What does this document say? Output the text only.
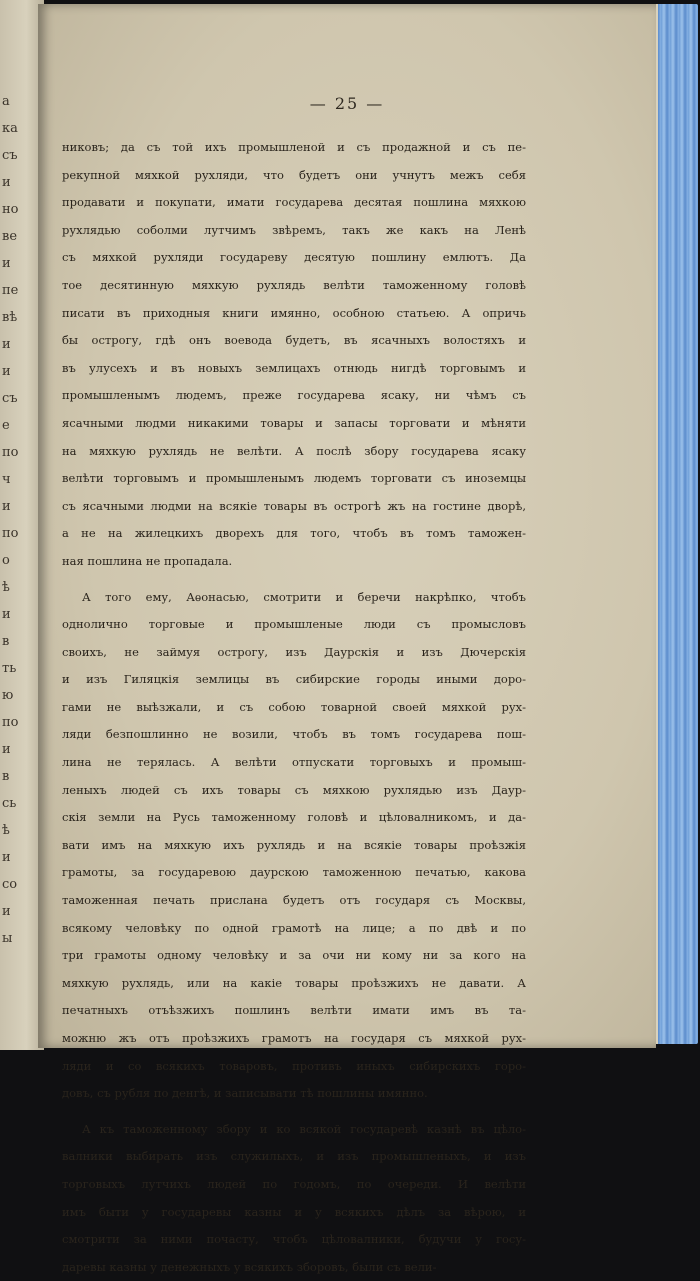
а
ка
съ
и
но
ве
и
пе
вѣ
и
и
съ
е
по
ч
и
по
о
ѣ
и
в
ть
ю
по
и
в
сь
ѣ
и
со
и
ы
— 25 —
никовъ; да съ той ихъ промышленой и съ продажной и съ пе-
рекупной мяхкой рухляди, что будетъ они учнутъ межъ себя
продавати и покупати, имати государева десятая пошлина мяхкою
рухлядью соболми лутчимъ звѣремъ, такъ же какъ на Ленѣ
съ мяхкой рухляди государеву десятую пошлину емлютъ. Да
тое десятинную мяхкую рухлядь велѣти таможенному головѣ
писати въ приходныя книги имянно, особною статьею. А опричь
бы острогу, гдѣ онъ воевода будетъ, въ ясачныхъ волостяхъ и
въ улусехъ и въ новыхъ землицахъ отнюдь нигдѣ торговымъ и
промышленымъ людемъ, преже государева ясаку, ни чѣмъ съ
ясачными людми никакими товары и запасы торговати и мѣняти
на мяхкую рухлядь не велѣти. А послѣ збору государева ясаку
велѣти торговымъ и промышленымъ людемъ торговати съ иноземцы
съ ясачными людми на всякіе товары въ острогѣ жъ на гостине дворѣ,
а не на жилецкихъ дворехъ для того, чтобъ въ томъ таможен-
ная пошлина не пропадала.
А того ему, Аѳонасью, смотрити и беречи накрѣпко, чтобъ
однолично торговые и промышленые люди съ промысловъ
своихъ, не займуя острогу, изъ Даурскія и изъ Дючерскія
и изъ Гиляцкія землицы въ сибирские городы иными доро-
гами не выѣзжали, и съ собою товарной своей мяхкой рух-
ляди безпошлинно не возили, чтобъ въ томъ государева пош-
лина не терялась. А велѣти отпускати торговыхъ и промыш-
леныхъ людей съ ихъ товары съ мяхкою рухлядью изъ Даур-
скія земли на Русь таможенному головѣ и цѣловалникомъ, и да-
вати имъ на мяхкую ихъ рухлядь и на всякіе товары проѣзжія
грамоты, за государевою даурскою таможенною печатью, какова
таможенная печать прислана будетъ отъ государя съ Москвы,
всякому человѣку по одной грамотѣ на лице; а по двѣ и по
три грамоты одному человѣку и за очи ни кому ни за кого на
мяхкую рухлядь, или на какіе товары проѣзжихъ не давати. А
печатныхъ отъѣзжихъ пошлинъ велѣти имати имъ въ та-
можню жъ отъ проѣзжихъ грамотъ на государя съ мяхкой рух-
ляди и со всякихъ товаровъ, противъ иныхъ сибирскихъ горо-
довъ, съ рубля по денгѣ, и записывати тѣ пошлины имянно.
А къ таможенному збору и ко всякой государевѣ казнѣ въ цѣло-
валники выбирать изъ служилыхъ, и изъ промышленыхъ, и изъ
торговыхъ лутчихъ людей по годомъ, по очереди. И велѣти
имъ быти у государевы казны и у всякихъ дѣлъ за вѣрою, и
смотрити за ними почасту, чтобъ цѣловалники, будучи у госу-
даревы казны у денежныхъ у всякихъ зборовъ, были съ вели-
